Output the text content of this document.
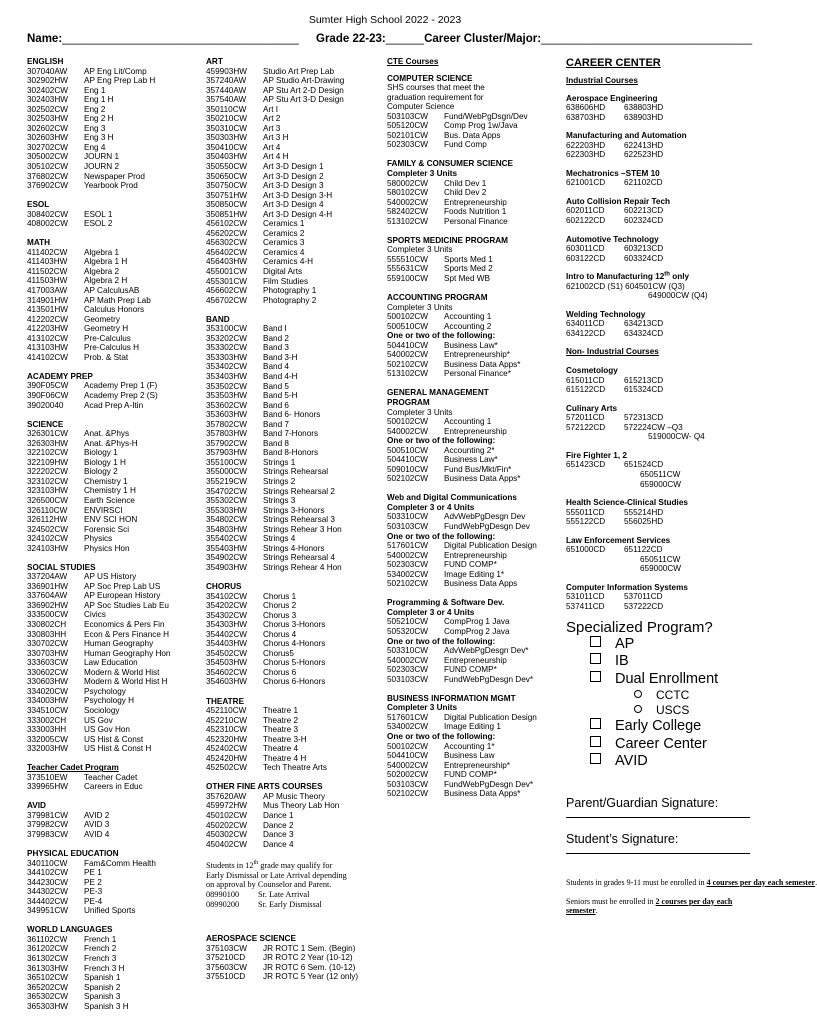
Sumter High School 2022 - 2023
Name:_____________________________________ Grade 22-23:______Career Cluster/Major:_________________________________
ENGLISH
307040AW	AP Eng Lit/Comp
302902HW	AP Eng Prep Lab H
302402CW	Eng 1
302403HW	Eng 1 H
302502CW	Eng 2
302503HW	Eng 2 H
302602CW	Eng 3
302603HW	Eng 3 H
302702CW	Eng 4
305002CW	JOURN 1
305102CW	JOURN 2
376802CW	Newspaper Prod
376902CW	Yearbook Prod
ESOL
308402CW	ESOL 1
408002CW	ESOL 2
MATH
411402CW	Algebra 1
411403HW	Algebra 1 H
411502CW	Algebra 2
411503HW	Algebra 2 H
417003AW	AP CalculusAB
314901HW	AP Math Prep Lab
413501HW	Calculus Honors
412202CW	Geometry
412203HW	Geometry H
413102CW	Pre-Calculus
413103HW	Pre-Calculus H
414102CW	Prob. & Stat
ACADEMY PREP
390F05CW	Academy Prep 1 (F)
390F06CW	Academy Prep 2 (S)
39020040	Acad Prep A-Itin
SCIENCE
326301CW	Anat. &Phys
326303HW	Anat. &Phys-H
322102CW	Biology 1
322109HW	Biology 1 H
322202CW	Biology 2
323102CW	Chemistry 1
323103HW	Chemistry 1 H
326500CW	Earth Science
326110CW	ENVIRSCI
326112HW	ENV SCI HON
324502CW	Forensic Sci
324102CW	Physics
324103HW	Physics Hon
SOCIAL STUDIES
337204AW	AP US History
336901HW	AP Soc Prep Lab US
337604AW	AP European History
336902HW	AP Soc Studies Lab Eu
333500CW	Civics
330802CH	Economics & Pers Fin
330803HH	Econ & Pers Finance H
330702CW	Human Geography
330703HW	Human Geography Hon
333603CW	Law Education
330602CW	Modern & World Hist
330603HW	Modern & World Hist H
334020CW	Psychology
334003HW	Psychology H
334510CW	Sociology
333002CH	US Gov
333003HH	US Gov Hon
332005CW	US Hist & Const
332003HW	US Hist & Const H
Teacher Cadet Program
373510EW	Teacher Cadet
339965HW	Careers in Educ
AVID
379981CW	AVID 2
379982CW	AVID 3
379983CW	AVID 4
PHYSICAL EDUCATION
340110CW	Fam&Comm Health
344102CW	PE 1
344230CW	PE 2
344302CW	PE-3
344402CW	PE-4
349951CW	Unified Sports
WORLD LANGUAGES
361102CW	French 1
361202CW	French 2
361302CW	French 3
361303HW	French 3 H
365102CW	Spanish 1
365202CW	Spanish 2
365302CW	Spanish 3
365303HW	Spanish 3 H
ART
459903HW	Studio Art Prep Lab
357240AW	AP Studio Art-Drawing
357440AW	AP Stu Art 2-D Design
357540AW	AP Stu Art 3-D Design
350110CW	Art I
350210CW	Art 2
350310CW	Art 3
350303HW	Art 3 H
350410CW	Art 4
350403HW	Art 4 H
350550CW	Art 3-D Design 1
350650CW	Art 3-D Design 2
350750CW	Art 3-D Design 3
350751HW	Art 3-D Design 3-H
350850CW	Art 3-D Design 4
350851HW	Art 3-D Design 4-H
456102CW	Ceramics 1
456202CW	Ceramics 2
456302CW	Ceramics 3
456402CW	Ceramics 4
456403HW	Ceramics 4-H
455001CW	Digital Arts
455301CW	Film Studies
456602CW	Photography 1
456702CW	Photography 2
BAND
353100CW	Band I
353202CW	Band 2
353302CW	Band 3
353303HW	Band 3-H
353402CW	Band 4
353403HW	Band 4-H
353502CW	Band 5
353503HW	Band 5-H
353602CW	Band 6
353603HW	Band 6- Honors
357802CW	Band 7
357803HW	Band 7-Honors
357902CW	Band 8
357903HW	Band 8-Honors
355100CW	Strings 1
355000CW	Strings Rehearsal
355219CW	Strings 2
354702CW	Strings Rehearsal 2
355302CW	Strings 3
355303HW	Strings 3-Honors
354802CW	Strings Rehearsal 3
354803HW	Strings Rehear 3 Hon
355402CW	Strings 4
355403HW	Strings 4-Honors
354902CW	Strings Rehearsal 4
354903HW	Strings Rehear 4 Hon
CHORUS
354102CW	Chorus 1
354202CW	Chorus 2
354302CW	Chorus 3
354303HW	Chorus 3-Honors
354402CW	Chorus 4
354403HW	Chorus 4-Honors
354502CW	Chorus5
354503HW	Chorus 5-Honors
354602CW	Chorus 6
354603HW	Chorus 6-Honors
THEATRE
452110CW	Theatre 1
452210CW	Theatre 2
452310CW	Theatre 3
452320HW	Theatre 3-H
452402CW	Theatre 4
452420HW	Theatre 4 H
452502CW	Tech Theatre Arts
OTHER FINE ARTS COURSES
357620AW	AP Music Theory
459972HW	Mus Theory Lab Hon
450102CW	Dance 1
450202CW	Dance 2
450302CW	Dance 3
450402CW	Dance 4
Students in 12th grade may qualify for
Early Dismissal or Late Arrival depending
on approval by Counselor and Parent.
08990100	Sr. Late Arrival
08990200	Sr. Early Dismissal
AEROSPACE SCIENCE
375103CW	JR ROTC 1 Sem. (Begin)
375210CD	JR ROTC 2 Year (10-12)
375603CW	JR ROTC 6 Sem. (10-12)
375510CD	JR ROTC 5 Year (12 only)
CTE Courses
COMPUTER SCIENCE
SHS courses that meet the
graduation requirement for
Computer Science
503103CW	Fund/WebPgDsgn/Dev
505120CW	Comp Prog 1w/Java
502101CW	Bus. Data Apps
502303CW	Fund Comp
FAMILY & CONSUMER SCIENCE
Completer 3 Units
580002CW	Child Dev 1
580102CW	Child Dev 2
540002CW	Entrepreneurship
582402CW	Foods Nutrition 1
513102CW	Personal Finance
SPORTS MEDICINE PROGRAM
Completer 3 Units
555510CW	Sports Med 1
555631CW	Sports Med 2
559100CW	Spt Med WB
ACCOUNTING PROGRAM
Completer 3 Units
500102CW	Accounting 1
500510CW	Accounting 2
One or two of the following:
504410CW	Business Law*
540002CW	Entrepreneurship*
502102CW	Business Data Apps*
513102CW	Personal Finance*
GENERAL MANAGEMENT PROGRAM
Completer 3 Units
500102CW	Accounting 1
540002CW	Entrepreneurship
One or two of the following:
500510CW	Accounting 2*
504410CW	Business Law*
509010CW	Fund Bus/Mkt/Fin*
502102CW	Business Data Apps*
Web and Digital Communications
Completer 3 or 4 Units
503310CW	AdvWebPgDesgn Dev
503103CW	FundWebPgDesgn Dev
One or two of the following:
517601CW	Digital Publication Design
540002CW	Entrepreneurship
502303CW	FUND COMP*
534002CW	Image Editing 1*
502102CW	Business Data Apps
Programming & Software Dev.
Completer 3 or 4 Units
505210CW	CompProg 1 Java
505320CW	CompProg 2 Java
One or two of the following:
503310CW	AdvWebPgDesgn Dev*
540002CW	Entrepreneurship
502303CW	FUND COMP*
503103CW	FundWebPgDesgn Dev*
BUSINESS INFORMATION MGMT
Completer 3 Units
517601CW	Digital Publication Design
534002CW	Image Editing 1
One or two of the following:
500102CW	Accounting 1*
504410CW	Business Law
540002CW	Entrepreneurship*
502002CW	FUND COMP*
503103CW	FundWebPgDesgn Dev*
502102CW	Business Data Apps*
CAREER CENTER
Industrial Courses
Aerospace Engineering
638606HD	638803HD
638703HD	638903HD
Manufacturing and Automation
622203HD	622413HD
622303HD	622523HD
Mechatronics –STEM 10
621001CD	621102CD
Auto Collision Repair Tech
602011CD	602213CD
602122CD	602324CD
Automotive Technology
603011CD	603213CD
603122CD	603324CD
Intro to Manufacturing 12th only
621002CD (S1) 604501CW (Q3)
649000CW (Q4)
Welding Technology
634011CD	634213CD
634122CD	634324CD
Non- Industrial Courses
Cosmetology
615011CD	615213CD
615122CD	615324CD
Culinary Arts
572011CD	572313CD
572122CD	572224CW –Q3
519000CW- Q4
Fire Fighter 1, 2
651423CD	651524CD
650511CW
659000CW
Health Science-Clinical Studies
555011CD	555214HD
555122CD	556025HD
Law Enforcement Services
651000CD	651122CD
650511CW
659000CW
Computer Information Systems
531011CD	537011CD
537411CD	537222CD
Specialized Program?
AP
IB
Dual Enrollment
CCTC
USCS
Early College
Career Center
AVID
Parent/Guardian Signature:
Student’s Signature:
Students in grades 9-11 must be enrolled in 4 courses per day each semester.
Seniors must be enrolled in 2 courses per day each semester.
